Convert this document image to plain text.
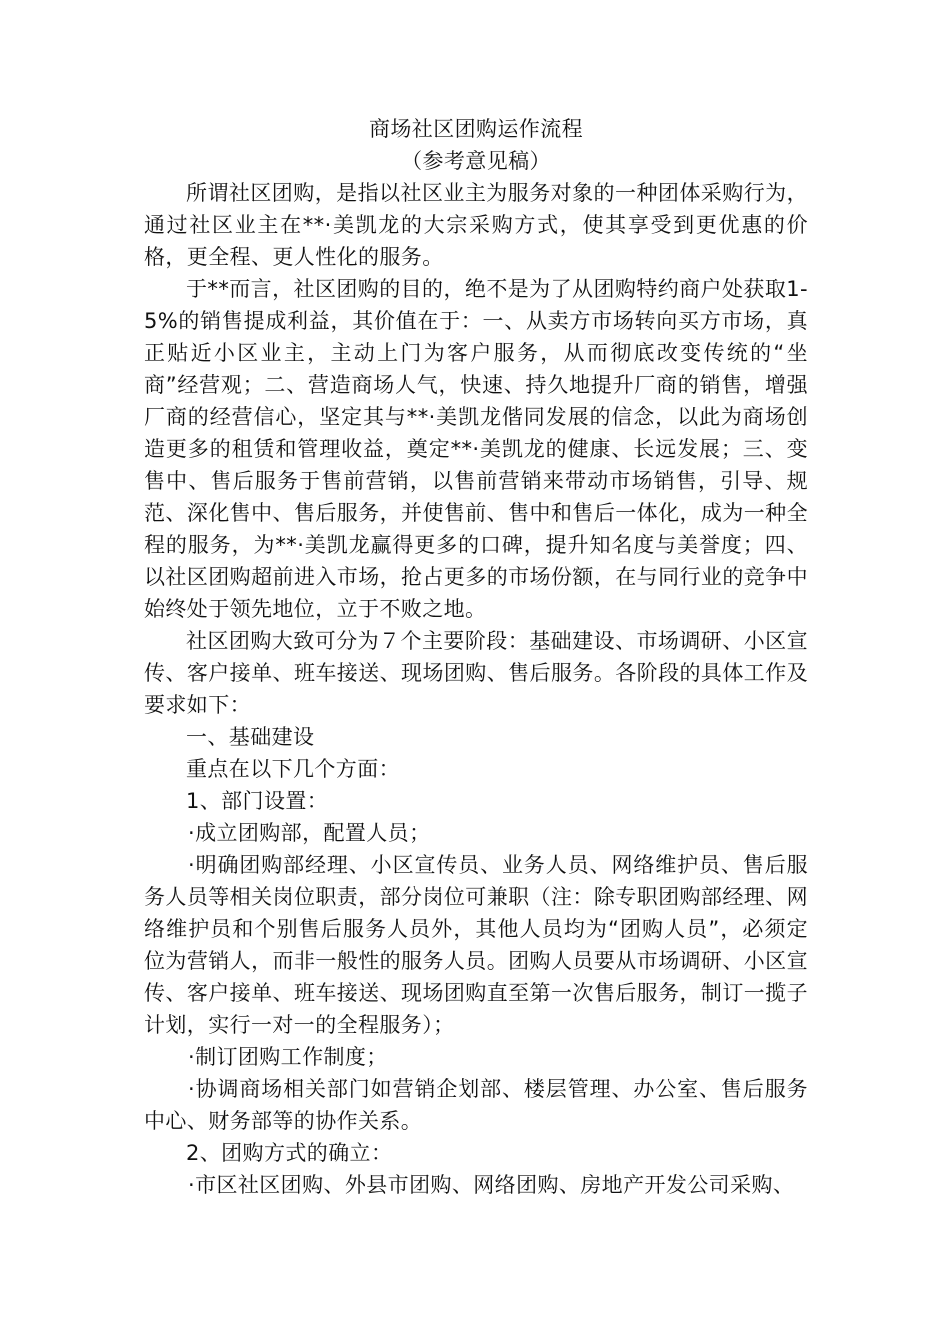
商场社区团购运作流程
（参考意见稿）

所谓社区团购，是指以社区业主为服务对象的一种团体采购行为，通过社区业主在**·美凯龙的大宗采购方式，使其享受到更优惠的价格，更全程、更人性化的服务。

于**而言，社区团购的目的，绝不是为了从团购特约商户处获取1-5%的销售提成利益，其价值在于：一、从卖方市场转向买方市场，真正贴近小区业主，主动上门为客户服务，从而彻底改变传统的“坐商”经营观；二、营造商场人气，快速、持久地提升厂商的销售，增强厂商的经营信心，坚定其与**·美凯龙偕同发展的信念，以此为商场创造更多的租赁和管理收益，奠定**·美凯龙的健康、长远发展；三、变售中、售后服务于售前营销，以售前营销来带动市场销售，引导、规范、深化售中、售后服务，并使售前、售中和售后一体化，成为一种全程的服务，为**·美凯龙赢得更多的口碑，提升知名度与美誉度；四、以社区团购超前进入市场，抢占更多的市场份额，在与同行业的竞争中始终处于领先地位，立于不败之地。

社区团购大致可分为７个主要阶段：基础建设、市场调研、小区宣传、客户接单、班车接送、现场团购、售后服务。各阶段的具体工作及要求如下：

一、基础建设

重点在以下几个方面：

1、部门设置：

·成立团购部，配置人员；

·明确团购部经理、小区宣传员、业务人员、网络维护员、售后服务人员等相关岗位职责，部分岗位可兼职（注：除专职团购部经理、网络维护员和个别售后服务人员外，其他人员均为“团购人员”，必须定位为营销人，而非一般性的服务人员。团购人员要从市场调研、小区宣传、客户接单、班车接送、现场团购直至第一次售后服务，制订一揽子计划，实行一对一的全程服务）；

·制订团购工作制度；

·协调商场相关部门如营销企划部、楼层管理、办公室、售后服务中心、财务部等的协作关系。

2、团购方式的确立：

·市区社区团购、外县市团购、网络团购、房地产开发公司采购、
